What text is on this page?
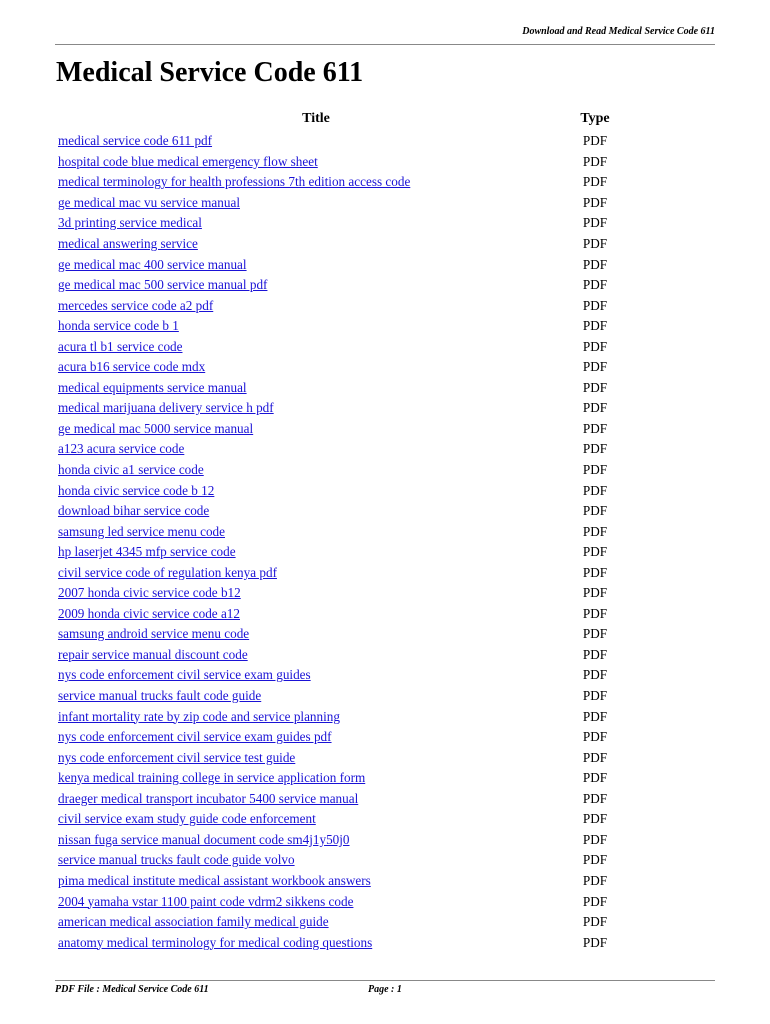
Download and Read Medical Service Code 611
Medical Service Code 611
Title	Type
medical service code 611 pdf	PDF
hospital code blue medical emergency flow sheet	PDF
medical terminology for health professions 7th edition access code	PDF
ge medical mac vu service manual	PDF
3d printing service medical	PDF
medical answering service	PDF
ge medical mac 400 service manual	PDF
ge medical mac 500 service manual pdf	PDF
mercedes service code a2 pdf	PDF
honda service code b 1	PDF
acura tl b1 service code	PDF
acura b16 service code mdx	PDF
medical equipments service manual	PDF
medical marijuana delivery service h pdf	PDF
ge medical mac 5000 service manual	PDF
a123 acura service code	PDF
honda civic a1 service code	PDF
honda civic service code b 12	PDF
download bihar service code	PDF
samsung led service menu code	PDF
hp laserjet 4345 mfp service code	PDF
civil service code of regulation kenya pdf	PDF
2007 honda civic service code b12	PDF
2009 honda civic service code a12	PDF
samsung android service menu code	PDF
repair service manual discount code	PDF
nys code enforcement civil service exam guides	PDF
service manual trucks fault code guide	PDF
infant mortality rate by zip code and service planning	PDF
nys code enforcement civil service exam guides pdf	PDF
nys code enforcement civil service test guide	PDF
kenya medical training college in service application form	PDF
draeger medical transport incubator 5400 service manual	PDF
civil service exam study guide code enforcement	PDF
nissan fuga service manual document code sm4j1y50j0	PDF
service manual trucks fault code guide volvo	PDF
pima medical institute medical assistant workbook answers	PDF
2004 yamaha vstar 1100 paint code vdrm2 sikkens code	PDF
american medical association family medical guide	PDF
anatomy medical terminology for medical coding questions	PDF
PDF File : Medical Service Code 611	Page : 1
